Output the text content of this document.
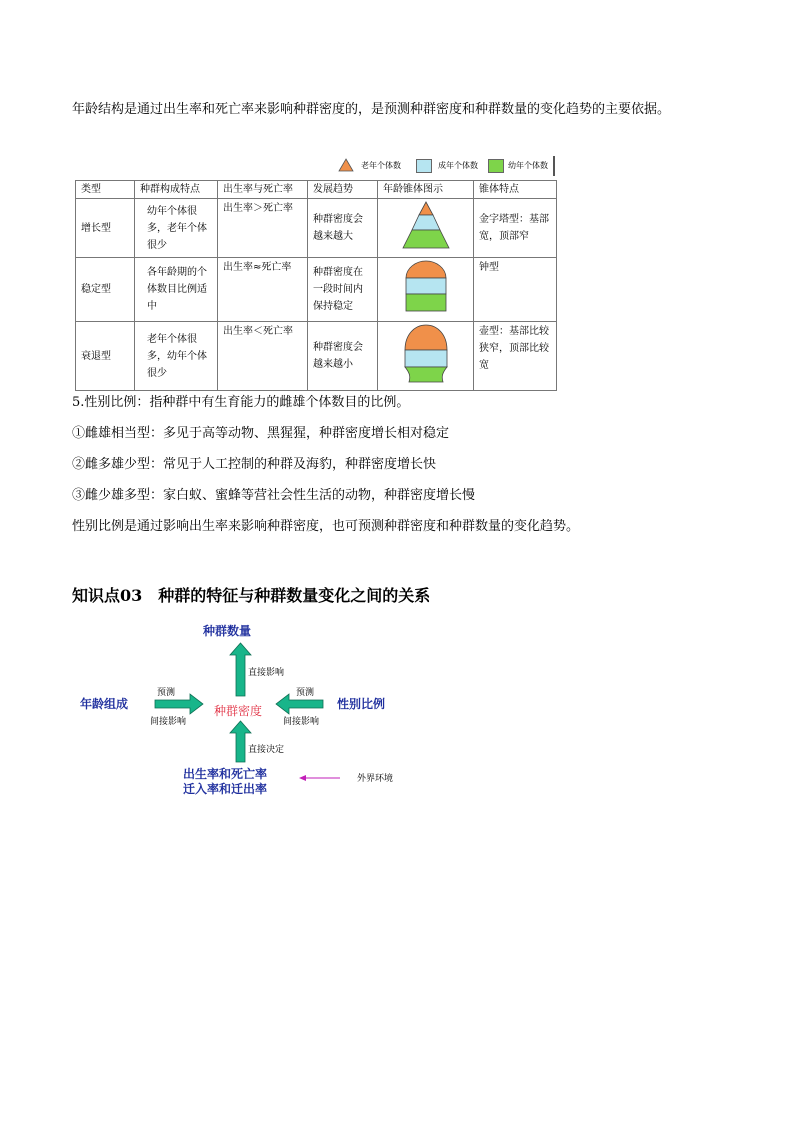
年龄结构是通过出生率和死亡率来影响种群密度的，是预测种群密度和种群数量的变化趋势的主要依据。
老年个体数	成年个体数	幼年个体数
类型	种群构成特点	出生率与死亡率	发展趋势	年龄锥体图示	锥体特点
增长型	幼年个体很多，老年个体很少	出生率＞死亡率	种群密度会越来越大		金字塔型：基部宽，顶部窄
稳定型	各年龄期的个体数目比例适中	出生率≈死亡率	种群密度在一段时间内保持稳定		钟型
衰退型	老年个体很多，幼年个体很少	出生率＜死亡率	种群密度会越来越小		壶型：基部比较狭窄，顶部比较宽
5.性别比例：指种群中有生育能力的雌雄个体数目的比例。
①雌雄相当型：多见于高等动物、黑猩猩，种群密度增长相对稳定
②雌多雄少型：常见于人工控制的种群及海豹，种群密度增长快
③雌少雄多型：家白蚁、蜜蜂等营社会性生活的动物，种群密度增长慢
性别比例是通过影响出生率来影响种群密度，也可预测种群密度和种群数量的变化趋势。
知识点03　种群的特征与种群数量变化之间的关系
种群数量
直接影响
预测	预测
年龄组成	种群密度	性别比例
间接影响	间接影响
直接决定
出生率和死亡率
迁入率和迁出率
外界环境
